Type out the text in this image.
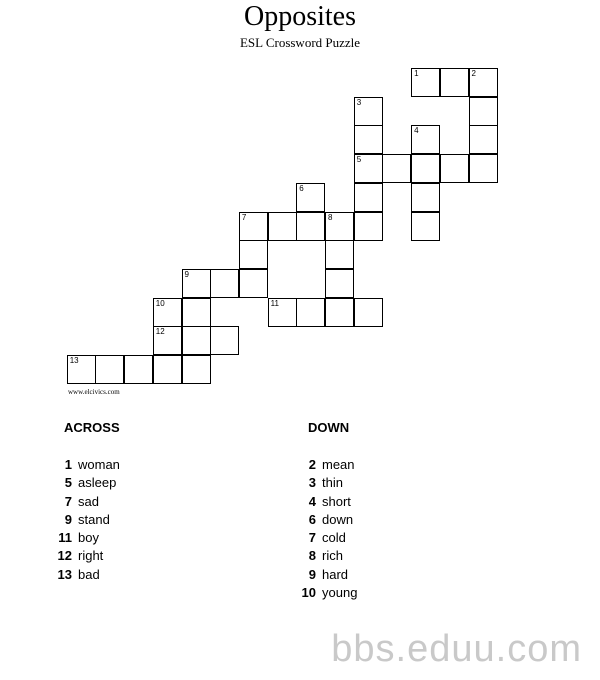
Opposites
ESL Crossword Puzzle
1	2
3
4
5
6
7	8
9
10	11
12
13
www.elcivics.com
ACROSS
1 woman
5 asleep
7 sad
9 stand
11 boy
12 right
13 bad
DOWN
2 mean
3 thin
4 short
6 down
7 cold
8 rich
9 hard
10 young
bbs.eduu.com
